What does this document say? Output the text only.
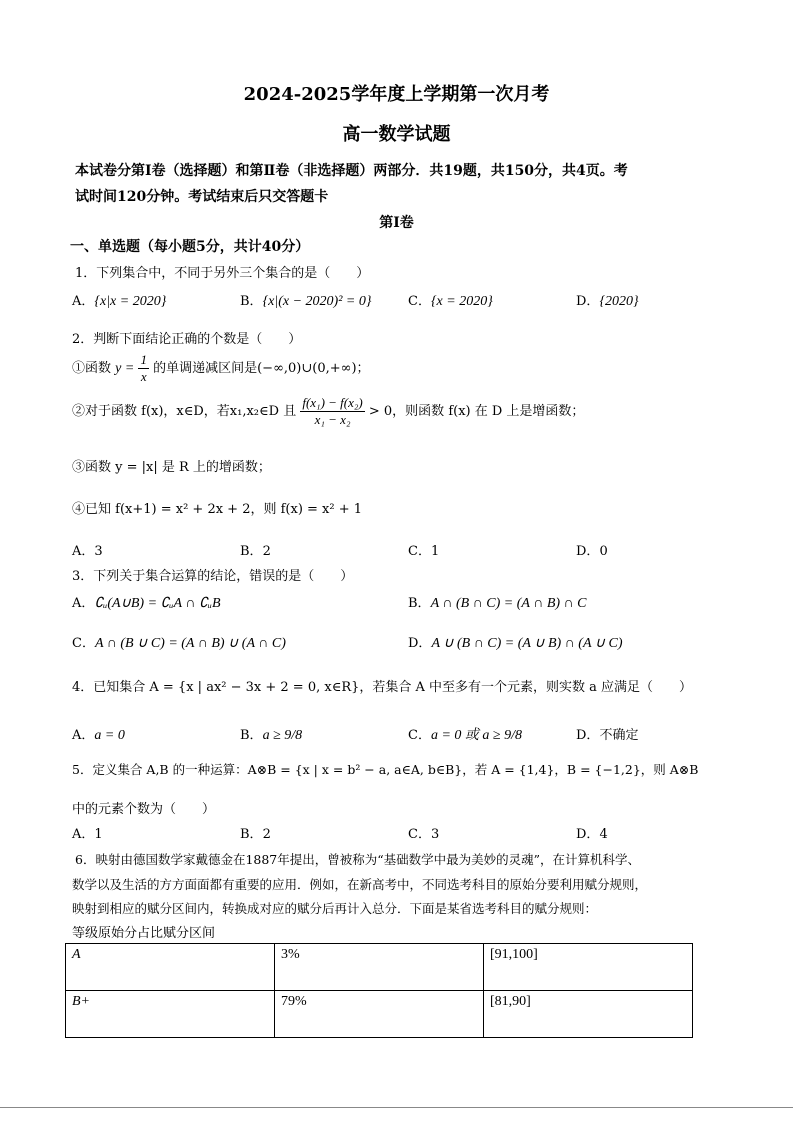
2024-2025学年度上学期第一次月考
高一数学试题
本试卷分第Ⅰ卷（选择题）和第Ⅱ卷（非选择题）两部分．共19题，共150分，共4页。考
试时间120分钟。考试结束后只交答题卡
第Ⅰ卷
一、单选题（每小题5分，共计40分）
1．下列集合中，不同于另外三个集合的是（　　）
A．{x|x = 2020}	B．{x|(x − 2020)² = 0}	C．{x = 2020}	D．{2020}
2．判断下面结论正确的个数是（　　）
①函数 $y = \frac{1}{x}$ 的单调递减区间是(−∞,0)∪(0,+∞)；
②对于函数 f(x)，x∈D，若x₁,x₂∈D 且 $\frac{\text{f(x₁) − f(x₂)}}{\text{x₁ − x₂}} > 0$，则函数 f(x) 在 D 上是增函数；
③函数 y = |x| 是 R 上的增函数；
④已知 f(x+1) = x² + 2x + 2，则 f(x) = x² + 1
A．3	B．2	C．1	D．0
3．下列关于集合运算的结论，错误的是（　　）
A．∁ᵤ(A∪B) = ∁ᵤA ∩ ∁ᵤB	B．A ∩ (B ∩ C) = (A ∩ B) ∩ C
C．A ∩ (B ∪ C) = (A ∩ B) ∪ (A ∩ C)	D．A ∪ (B ∩ C) = (A ∪ B) ∩ (A ∪ C)
4．已知集合 A = {x | ax² − 3x + 2 = 0, x∈R}，若集合 A 中至多有一个元素，则实数 a 应满足（　　）
A．a = 0	B．a ≥ 9/8	C．a = 0 或 a ≥ 9/8	D．不确定
5．定义集合 A,B 的一种运算：A⊗B = {x | x = b² − a, a∈A, b∈B}，若 A = {1,4}，B = {−1,2}，则 A⊗B
中的元素个数为（　　）
A．1	B．2	C．3	D．4
6．映射由德国数学家戴德金在1887年提出，曾被称为“基础数学中最为美妙的灵魂”，在计算机科学、
数学以及生活的方方面面都有重要的应用．例如，在新高考中，不同选考科目的原始分要利用赋分规则，
映射到相应的赋分区间内，转换成对应的赋分后再计入总分．下面是某省选考科目的赋分规则：
等级原始分占比赋分区间
A	3%	[91,100]
B+	79%	[81,90]
